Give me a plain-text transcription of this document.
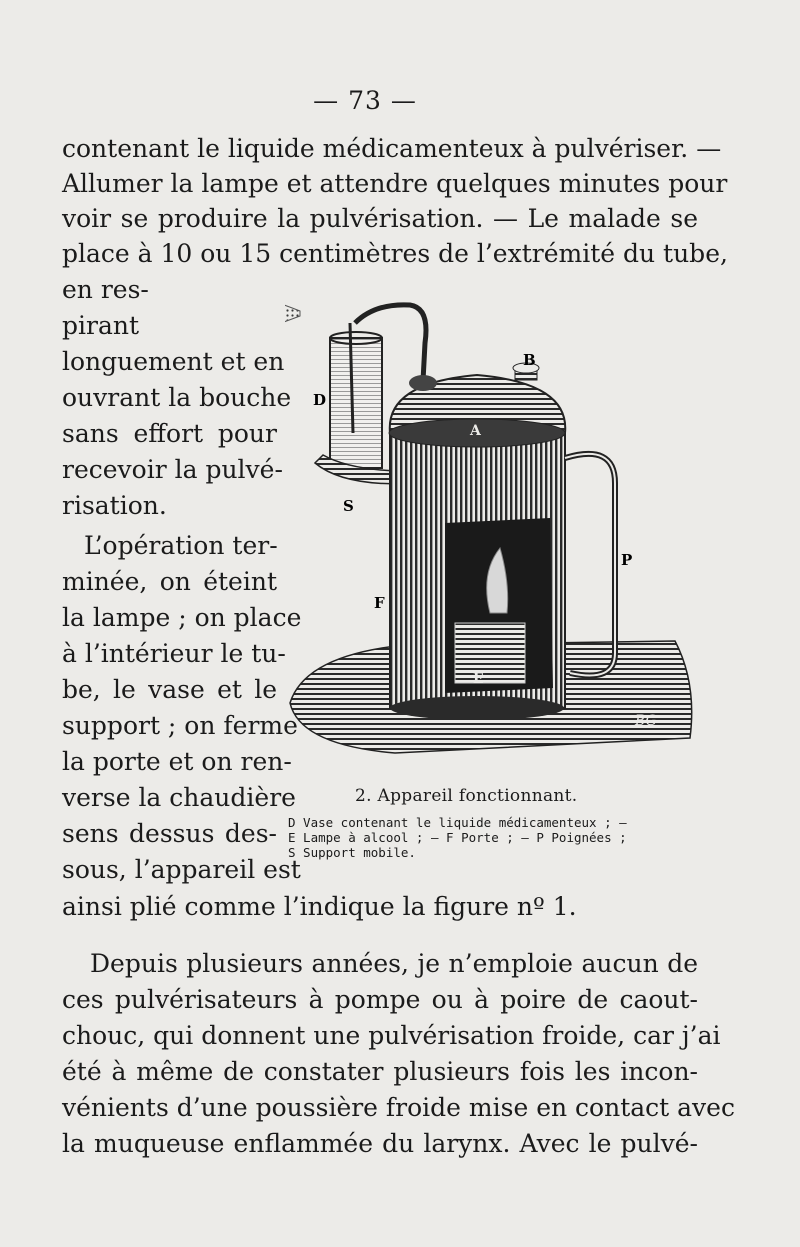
— 73 —
contenant le liquide médicamenteux à pulvériser. —
Allumer la lampe et attendre quelques minutes pour
voir se produire la pulvérisation. — Le malade se
place à 10 ou 15 centimètres de l’extrémité du tube,
en res-
pirant
longuement et en
ouvrant la bouche
sans effort pour
recevoir la pulvé-
risation.
L’opération ter-
minée, on éteint
la lampe ; on place
à l’intérieur le tu-
be, le vase et le
support ; on ferme
la porte et on ren-
verse la chaudière
sens dessus des-
sous, l’appareil est
ainsi plié comme l’indique la figure nº 1.
Depuis plusieurs années, je n’emploie aucun de
ces pulvérisateurs à pompe ou à poire de caout-
chouc, qui donnent une pulvérisation froide, car j’ai
été à même de constater plusieurs fois les incon-
vénients d’une poussière froide mise en contact avec
la muqueuse enflammée du larynx. Avec le pulvé-
B
D
A
S
P
F
E
BG
2. Appareil fonctionnant.
D Vase contenant le liquide médicamenteux ; —
E Lampe à alcool ; — F Porte ; — P Poignées ;
S Support mobile.
